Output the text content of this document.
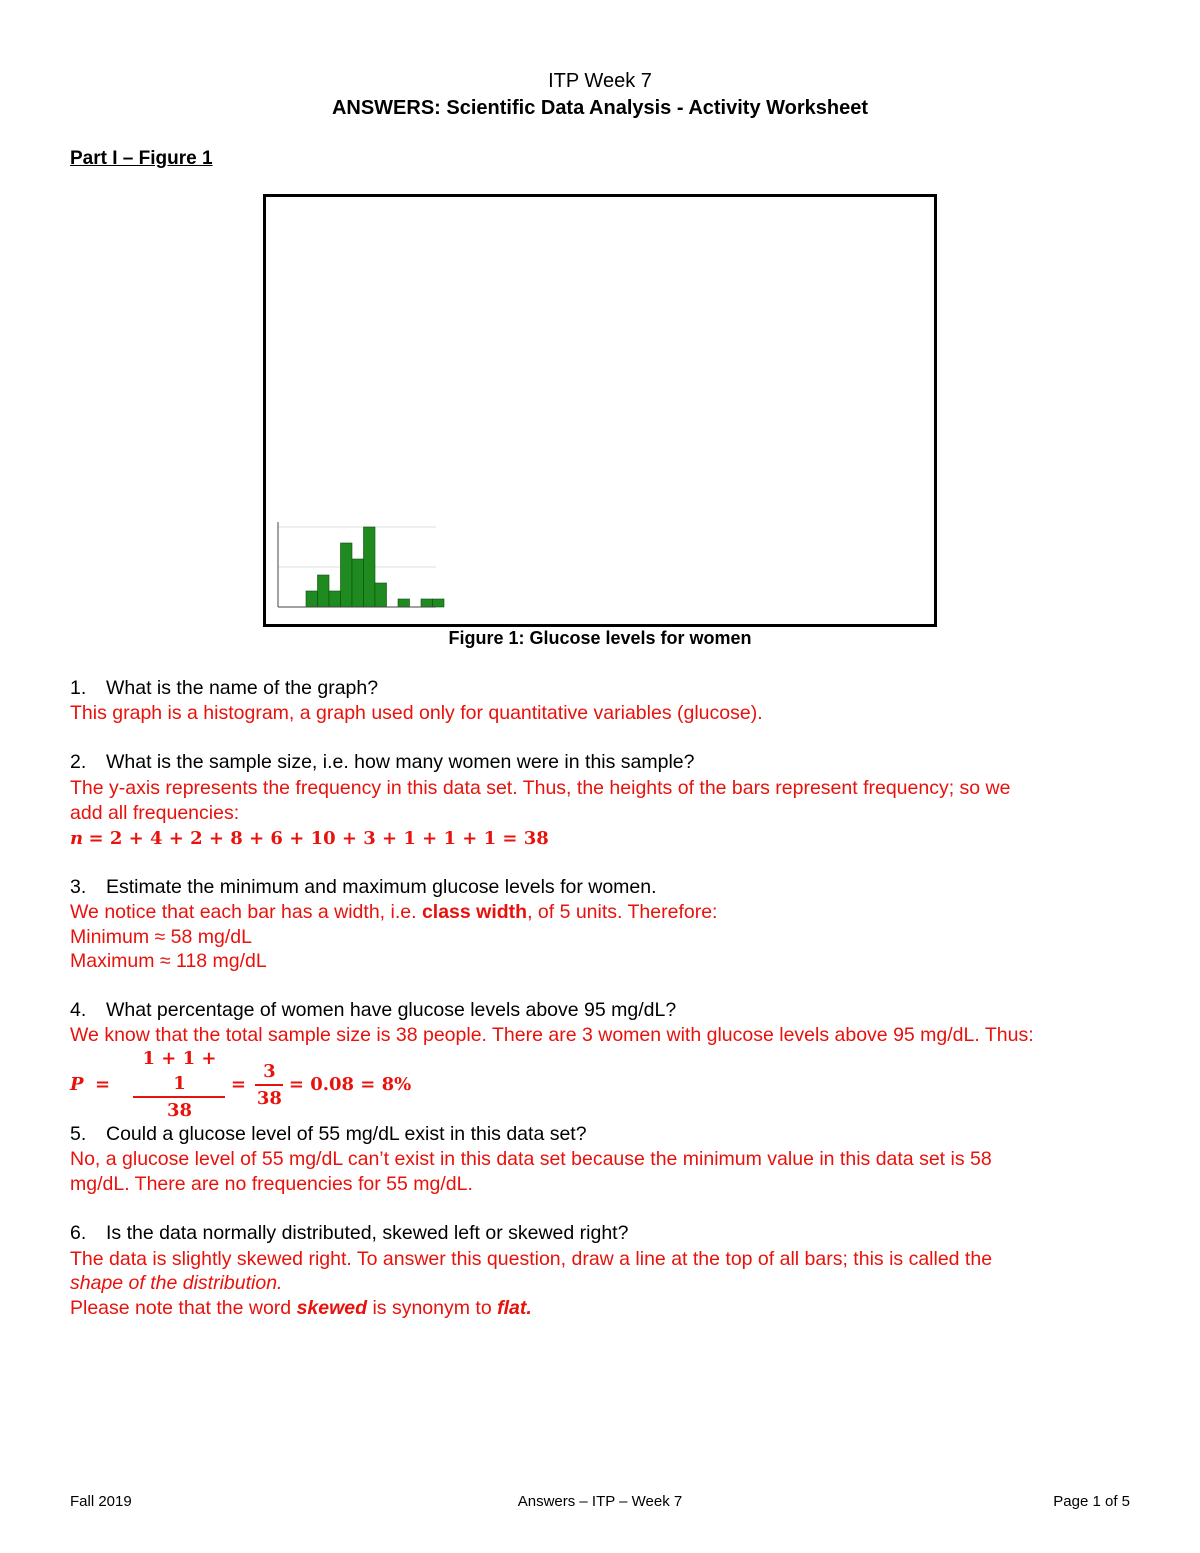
ITP Week 7
ANSWERS: Scientific Data Analysis - Activity Worksheet
Part I – Figure 1
Figure 1: Glucose levels for women
1. What is the name of the graph?
This graph is a histogram, a graph used only for quantitative variables (glucose).
2. What is the sample size, i.e. how many women were in this sample?
The y-axis represents the frequency in this data set. Thus, the heights of the bars represent frequency; so we
add all frequencies:
n = 2 + 4 + 2 + 8 + 6 + 10 + 3 + 1 + 1 + 1 = 38
3. Estimate the minimum and maximum glucose levels for women.
We notice that each bar has a width, i.e. class width, of 5 units. Therefore:
Minimum ≈ 58 mg/dL
Maximum ≈ 118 mg/dL
4. What percentage of women have glucose levels above 95 mg/dL?
We know that the total sample size is 38 people. There are 3 women with glucose levels above 95 mg/dL. Thus:
$P = \frac{1 + 1 + 1}{38} = \frac{3}{38} = 0.08 = 8\%$
5. Could a glucose level of 55 mg/dL exist in this data set?
No, a glucose level of 55 mg/dL can’t exist in this data set because the minimum value in this data set is 58
mg/dL. There are no frequencies for 55 mg/dL.
6. Is the data normally distributed, skewed left or skewed right?
The data is slightly skewed right. To answer this question, draw a line at the top of all bars; this is called the
shape of the distribution.
Please note that the word skewed is synonym to flat.
Fall 2019	Answers – ITP – Week 7	Page 1 of 5
